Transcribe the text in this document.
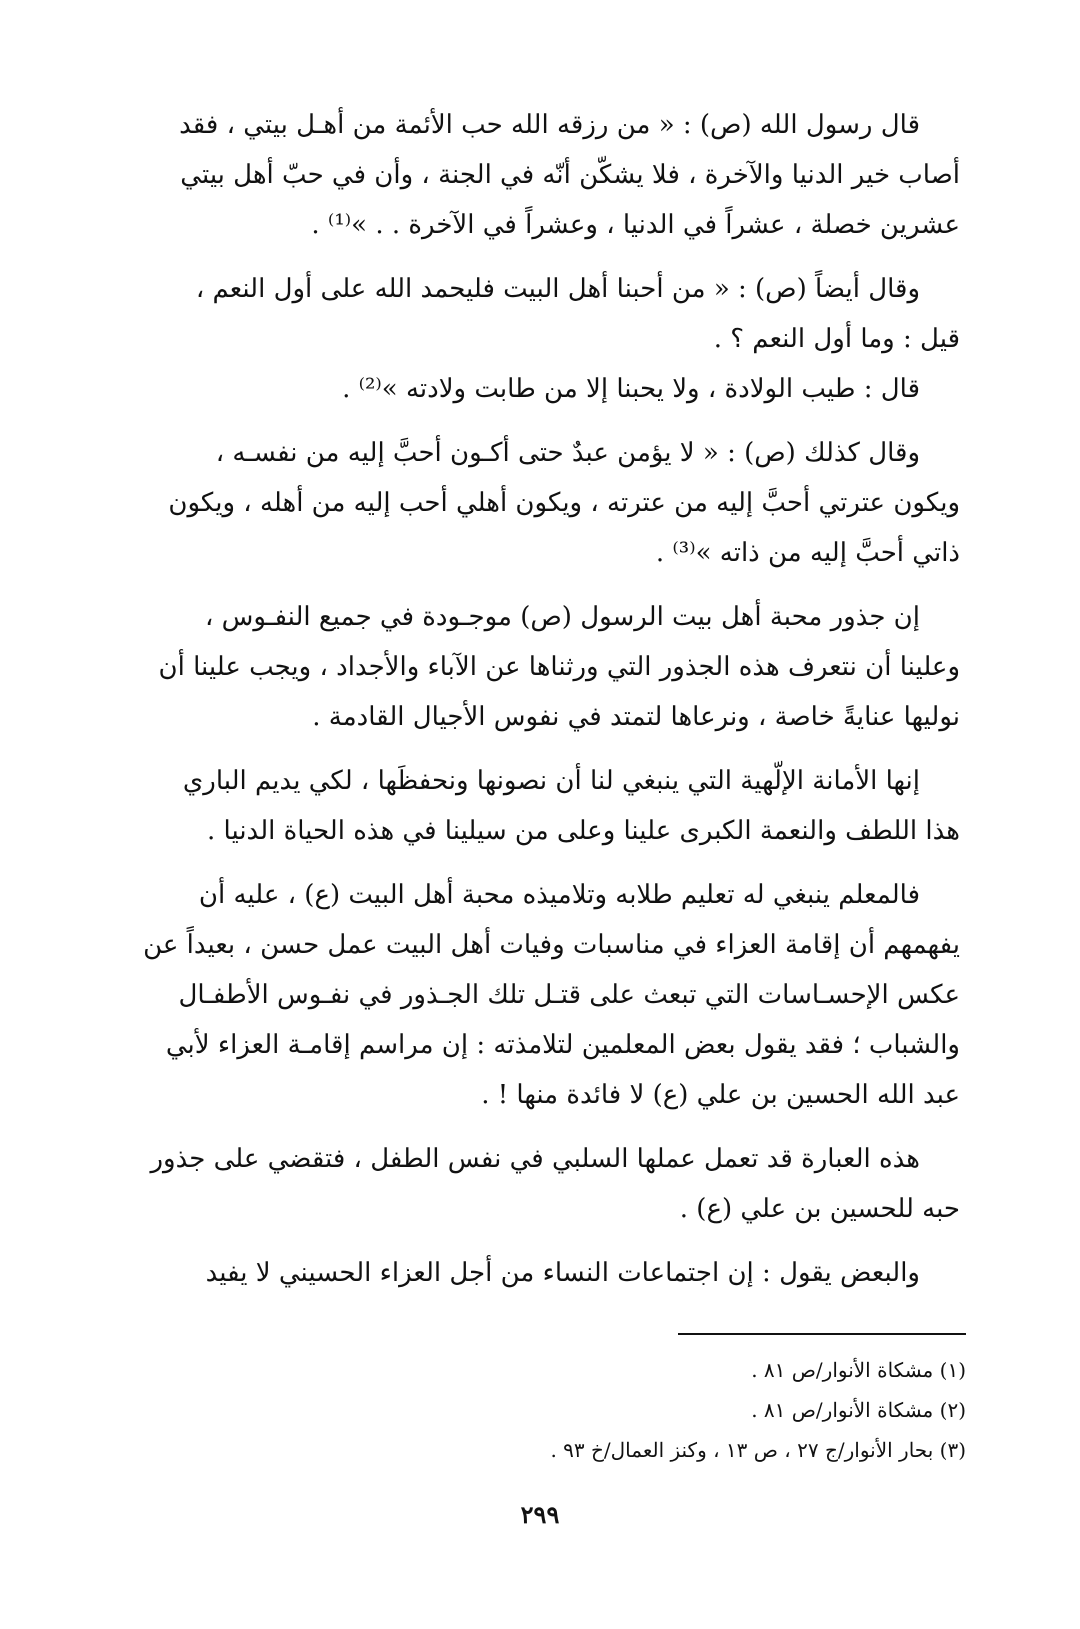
قال رسول الله (ص) : « من رزقه الله حب الأئمة من أهـل بيتي ، فقد
أصاب خير الدنيا والآخرة ، فلا يشكّن أنّه في الجنة ، وأن في حبّ أهل بيتي
عشرين خصلة ، عشراً في الدنيا ، وعشراً في الآخرة . . »⁽¹⁾ .

وقال أيضاً (ص) : « من أحبنا أهل البيت فليحمد الله على أول النعم ،
قيل : وما أول النعم ؟ .
قال : طيب الولادة ، ولا يحبنا إلا من طابت ولادته »⁽²⁾ .

وقال كذلك (ص) : « لا يؤمن عبدٌ حتى أكـون أحبَّ إليه من نفسـه ،
ويكون عترتي أحبَّ إليه من عترته ، ويكون أهلي أحب إليه من أهله ، ويكون
ذاتي أحبَّ إليه من ذاته »⁽³⁾ .

إن جذور محبة أهل بيت الرسول (ص) موجـودة في جميع النفـوس ،
وعلينا أن نتعرف هذه الجذور التي ورثناها عن الآباء والأجداد ، ويجب علينا أن
نوليها عنايةً خاصة ، ونرعاها لتمتد في نفوس الأجيال القادمة .

إنها الأمانة الإلّهية التي ينبغي لنا أن نصونها ونحفظَها ، لكي يديم الباري
هذا اللطف والنعمة الكبرى علينا وعلى من سيلينا في هذه الحياة الدنيا .

فالمعلم ينبغي له تعليم طلابه وتلاميذه محبة أهل البيت (ع) ، عليه أن
يفهمهم أن إقامة العزاء في مناسبات وفيات أهل البيت عمل حسن ، بعيداً عن
عكس الإحسـاسات التي تبعث على قتـل تلك الجـذور في نفـوس الأطفـال
والشباب ؛ فقد يقول بعض المعلمين لتلامذته : إن مراسم إقامـة العزاء لأبي
عبد الله الحسين بن علي (ع) لا فائدة منها ! .

هذه العبارة قد تعمل عملها السلبي في نفس الطفل ، فتقضي على جذور
حبه للحسين بن علي (ع) .

والبعض يقول : إن اجتماعات النساء من أجل العزاء الحسيني لا يفيد

(١) مشكاة الأنوار/ص ٨١ .
(٢) مشكاة الأنوار/ص ٨١ .
(٣) بحار الأنوار/ج ٢٧ ، ص ١٣ ، وكنز العمال/خ ٩٣ .
٢٩٩
